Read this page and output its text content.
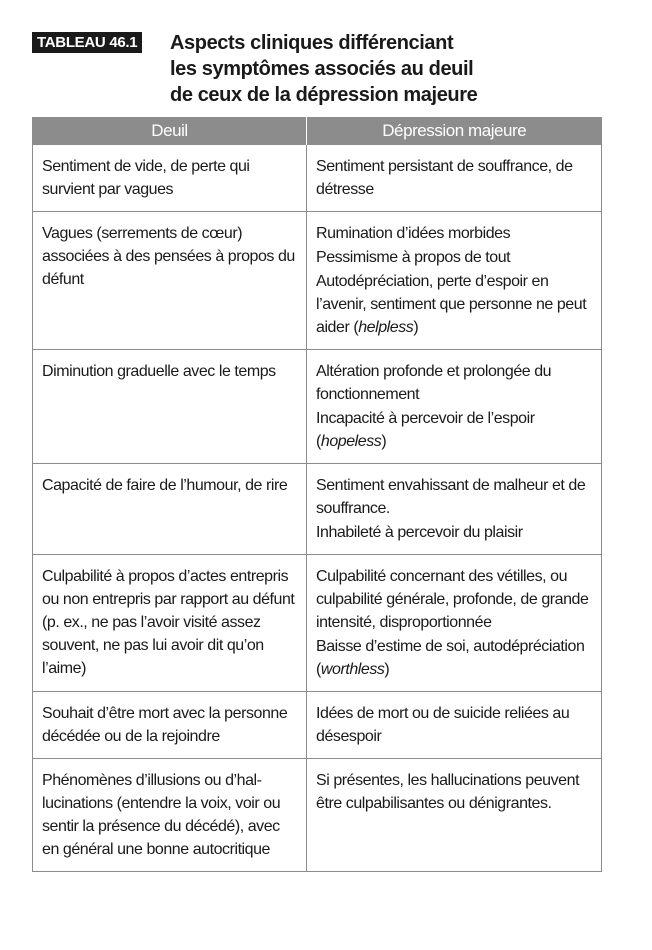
TABLEAU 46.1 Aspects cliniques différenciant
les symptômes associés au deuil
de ceux de la dépression majeure
Deuil	Dépression majeure

Sentiment de vide, de perte qui survient par vagues	Sentiment persistant de souffrance, de détresse

Vagues (serrements de cœur) associées à des pensées à propos du défunt	Rumination d’idées morbides
Pessimisme à propos de tout
Autodépréciation, perte d’espoir en l’avenir, sentiment que personne ne peut aider (helpless)

Diminution graduelle avec le temps	Altération profonde et prolongée du fonctionnement
Incapacité à percevoir de l’espoir (hopeless)

Capacité de faire de l’humour, de rire	Sentiment envahissant de malheur et de souffrance.
Inhabileté à percevoir du plaisir

Culpabilité à propos d’actes entrepris ou non entrepris par rapport au défunt (p. ex., ne pas l’avoir visité assez souvent, ne pas lui avoir dit qu’on l’aime)	Culpabilité concernant des vétilles, ou culpabilité générale, profonde, de grande intensité, disproportionnée
Baisse d’estime de soi, autodépréciation (worthless)

Souhait d’être mort avec la personne décédée ou de la rejoindre	Idées de mort ou de suicide reliées au désespoir

Phénomènes d’illusions ou d’hallucinations (entendre la voix, voir ou sentir la présence du décédé), avec en général une bonne autocritique	Si présentes, les hallucinations peuvent être culpabilisantes ou dénigrantes.
